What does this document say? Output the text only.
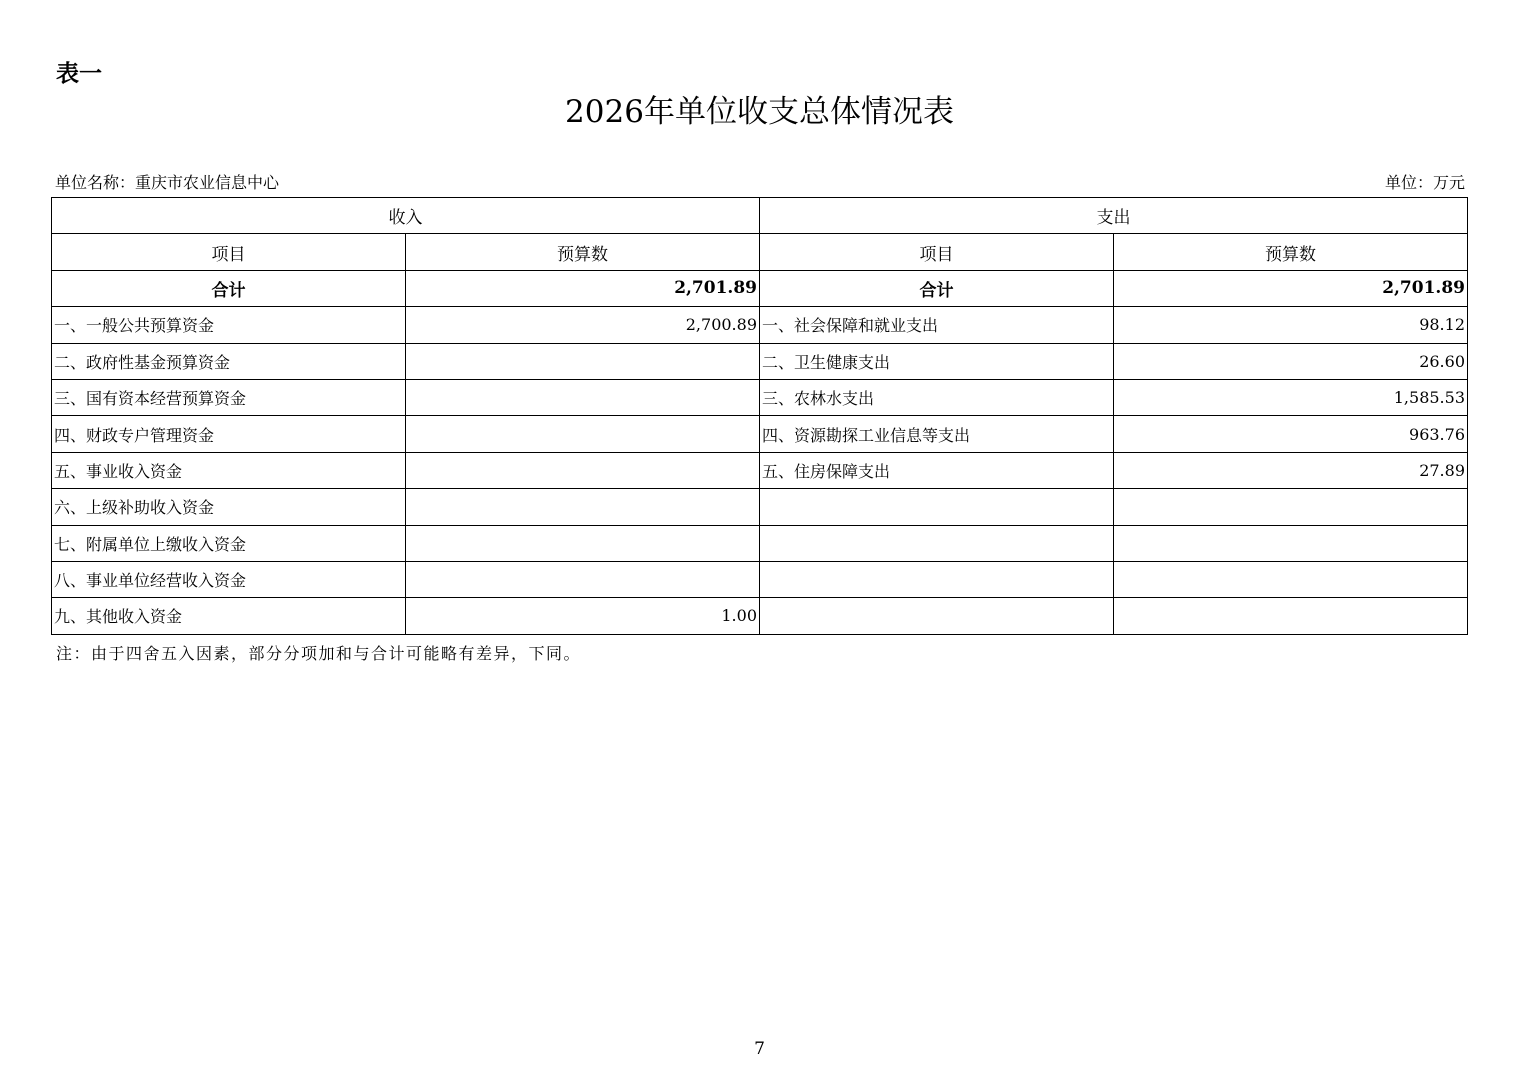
表一
2026年单位收支总体情况表
单位名称：重庆市农业信息中心	单位：万元
收入		支出	
项目	预算数	项目	预算数
合计	2,701.89	合计	2,701.89
一、一般公共预算资金	2,700.89	一、社会保障和就业支出	98.12
二、政府性基金预算资金		二、卫生健康支出	26.60
三、国有资本经营预算资金		三、农林水支出	1,585.53
四、财政专户管理资金		四、资源勘探工业信息等支出	963.76
五、事业收入资金		五、住房保障支出	27.89
六、上级补助收入资金			
七、附属单位上缴收入资金			
八、事业单位经营收入资金			
九、其他收入资金	1.00		
注：由于四舍五入因素，部分分项加和与合计可能略有差异，下同。
7
